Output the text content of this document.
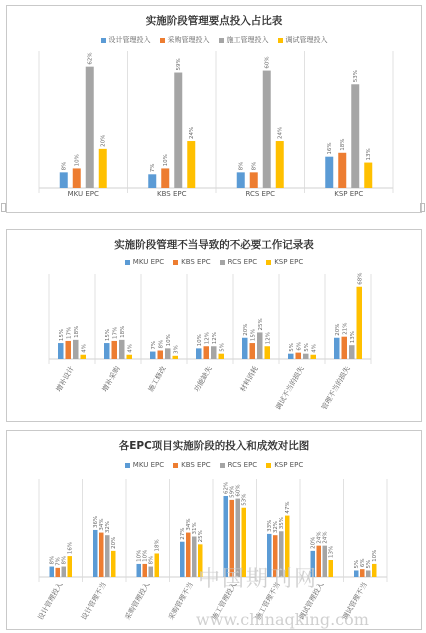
实施阶段管理要点投入占比表
设计管理投入 采购管理投入 施工管理投入 调试管理投入
8% 10%
62%
20%
MKU EPC
7%
10%
59%
24%
KBS EPC
8% 8%
60%
24%
RCS EPC
16% 18%
53%
13%
KSP EPC
实施阶段管理不当导致的不必要工作记录表
MKU EPC KBS EPC RCS EPC KSP EPC
15% 17% 18%
4%
增补设计
15% 17% 18%
4%
增补采购
7% 8% 10%
3%
施工修改
10% 12% 12%
5%
功能缺失
20% 15%
25%
12%
材料消耗
5% 6% 5% 4%
调试不当的损失
20% 21%
13%
68%
管理不当的损失
各EPC项目实施阶段的投入和成效对比图
MKU EPC KBS EPC RCS EPC KSP EPC
8% 7% 8%
16%
设计管理投入
36% 34% 32%
20%
设计管理不当
10% 10% 8%
18%
采购管理投入
27%
34% 31%
25%
采购管理不当
62% 59% 60%
53%
施工管理投入
33% 32% 35%
47%
施工管理不当
20% 24% 24%
13%
调试管理投入
5% 6% 5%
10%
调试管理不当
中国期刊网
www.chinaqking.com
